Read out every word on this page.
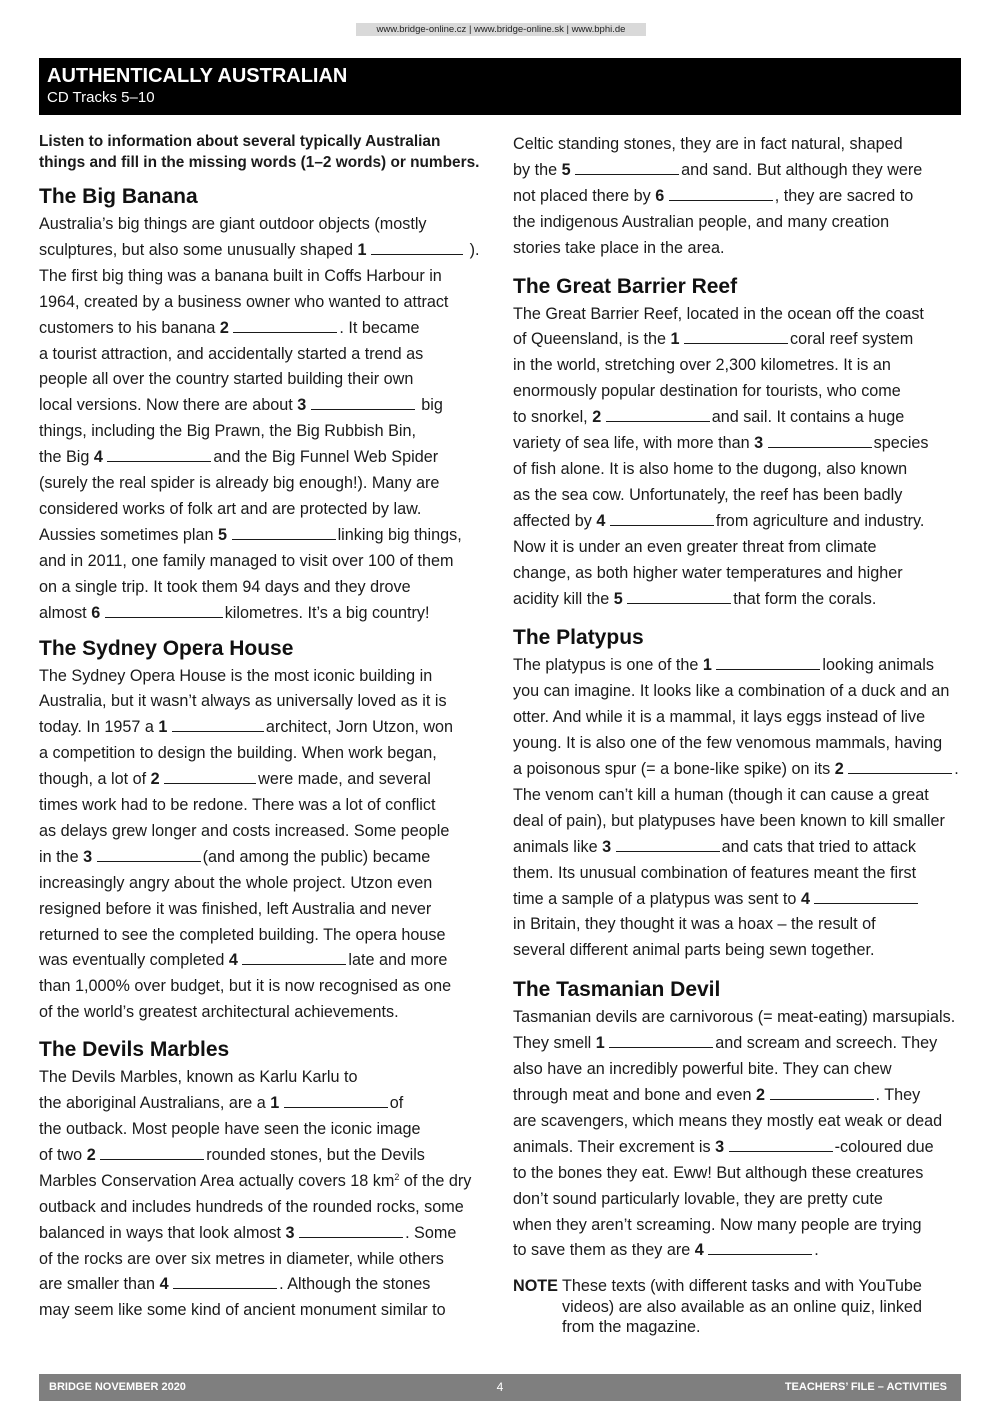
www.bridge-online.cz | www.bridge-online.sk | www.bphi.de
AUTHENTICALLY AUSTRALIAN
CD Tracks 5–10
Listen to information about several typically Australian
things and fill in the missing words (1–2 words) or numbers.
The Big Banana

Australia’s big things are giant outdoor objects (mostly
sculptures, but also some unusually shaped 1	).
The first big thing was a banana built in Coffs Harbour in
1964, created by a business owner who wanted to attract
customers to his banana 2	. It became
a tourist attraction, and accidentally started a trend as
people all over the country started building their own
local versions. Now there are about 3	big
things, including the Big Prawn, the Big Rubbish Bin,
the Big 4	and the Big Funnel Web Spider
(surely the real spider is already big enough!). Many are
considered works of folk art and are protected by law.
Aussies sometimes plan 5	linking big things,
and in 2011, one family managed to visit over 100 of them
on a single trip. It took them 94 days and they drove
almost 6	kilometres. It’s a big country!

The Sydney Opera House

The Sydney Opera House is the most iconic building in
Australia, but it wasn’t always as universally loved as it is
today. In 1957 a 1	architect, Jorn Utzon, won
a competition to design the building. When work began,
though, a lot of 2	were made, and several
times work had to be redone. There was a lot of conflict
as delays grew longer and costs increased. Some people
in the 3	(and among the public) became
increasingly angry about the whole project. Utzon even
resigned before it was finished, left Australia and never
returned to see the completed building. The opera house
was eventually completed 4	late and more
than 1,000% over budget, but it is now recognised as one
of the world’s greatest architectural achievements.

The Devils Marbles

The Devils Marbles, known as Karlu Karlu to
the aboriginal Australians, are a 1	of
the outback. Most people have seen the iconic image
of two 2	rounded stones, but the Devils
Marbles Conservation Area actually covers 18 $km^2$ of the dry
outback and includes hundreds of the rounded rocks, some
balanced in ways that look almost 3	. Some
of the rocks are over six metres in diameter, while others
are smaller than 4	. Although the stones
may seem like some kind of ancient monument similar to

Celtic standing stones, they are in fact natural, shaped
by the 5	and sand. But although they were
not placed there by 6	, they are sacred to
the indigenous Australian people, and many creation
stories take place in the area.

The Great Barrier Reef

The Great Barrier Reef, located in the ocean off the coast
of Queensland, is the 1	coral reef system
in the world, stretching over 2,300 kilometres. It is an
enormously popular destination for tourists, who come
to snorkel, 2	and sail. It contains a huge
variety of sea life, with more than 3	species
of fish alone. It is also home to the dugong, also known
as the sea cow. Unfortunately, the reef has been badly
affected by 4	from agriculture and industry.
Now it is under an even greater threat from climate
change, as both higher water temperatures and higher
acidity kill the 5	that form the corals.

The Platypus

The platypus is one of the 1	looking animals
you can imagine. It looks like a combination of a duck and an
otter. And while it is a mammal, it lays eggs instead of live
young. It is also one of the few venomous mammals, having
a poisonous spur (= a bone-like spike) on its 2	.
The venom can’t kill a human (though it can cause a great
deal of pain), but platypuses have been known to kill smaller
animals like 3	and cats that tried to attack
them. Its unusual combination of features meant the first
time a sample of a platypus was sent to 4
in Britain, they thought it was a hoax – the result of
several different animal parts being sewn together.

The Tasmanian Devil

Tasmanian devils are carnivorous (= meat-eating) marsupials.
They smell 1	and scream and screech. They
also have an incredibly powerful bite. They can chew
through meat and bone and even 2	. They
are scavengers, which means they mostly eat weak or dead
animals. Their excrement is 3	-coloured due
to the bones they eat. Eww! But although these creatures
don’t sound particularly lovable, they are pretty cute
when they aren’t screaming. Now many people are trying
to save them as they are 4	.

NOTE These texts (with different tasks and with YouTube
videos) are also available as an online quiz, linked
from the magazine.
BRIDGE NOVEMBER 2020	4	TEACHERS’ FILE – ACTIVITIES
